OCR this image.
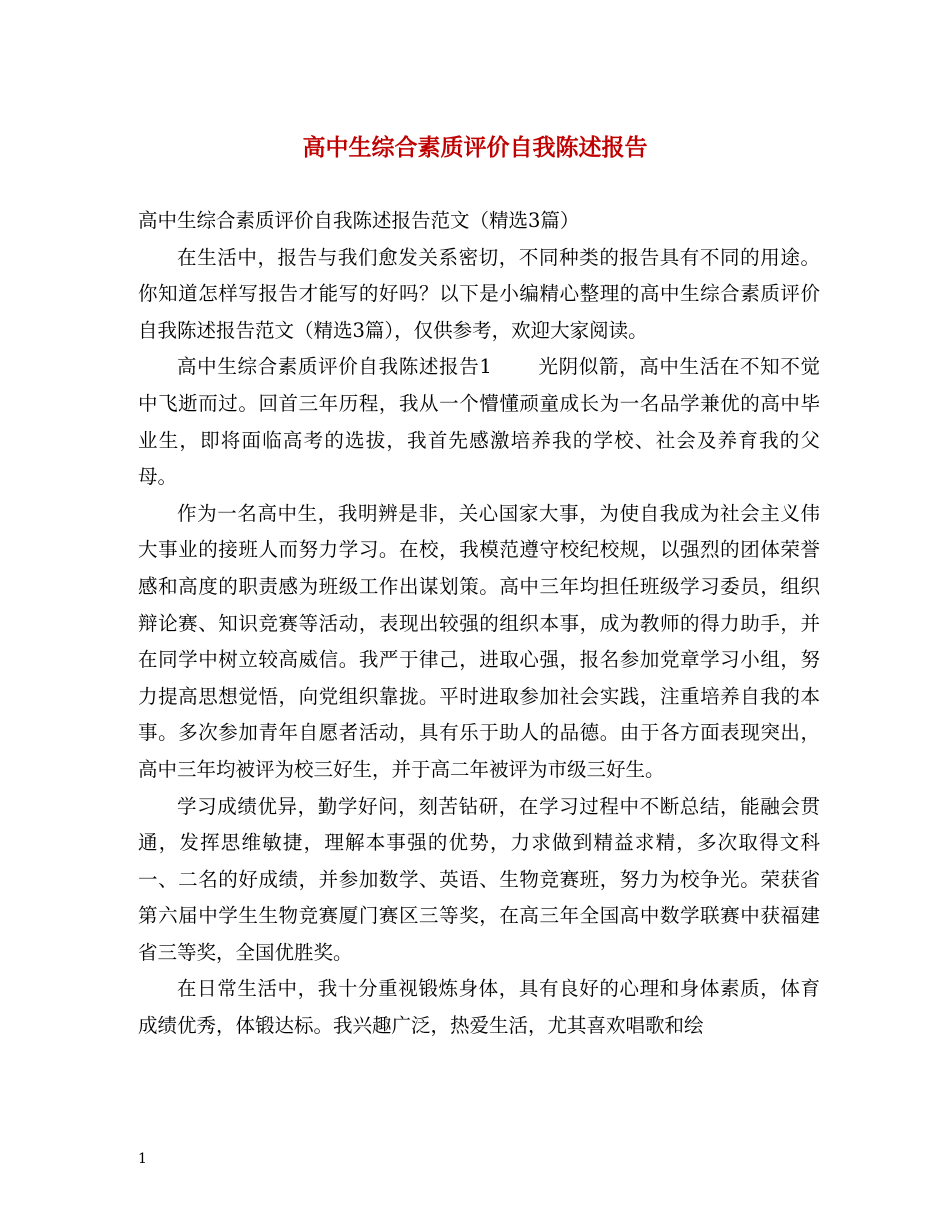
高中生综合素质评价自我陈述报告

高中生综合素质评价自我陈述报告范文（精选3篇）

在生活中，报告与我们愈发关系密切，不同种类的报告具有不同的用途。你知道怎样写报告才能写的好吗？以下是小编精心整理的高中生综合素质评价自我陈述报告范文（精选3篇），仅供参考，欢迎大家阅读。

高中生综合素质评价自我陈述报告1 光阴似箭，高中生活在不知不觉中飞逝而过。回首三年历程，我从一个懵懂顽童成长为一名品学兼优的高中毕业生，即将面临高考的选拔，我首先感激培养我的学校、社会及养育我的父母。

作为一名高中生，我明辨是非，关心国家大事，为使自我成为社会主义伟大事业的接班人而努力学习。在校，我模范遵守校纪校规，以强烈的团体荣誉感和高度的职责感为班级工作出谋划策。高中三年均担任班级学习委员，组织辩论赛、知识竞赛等活动，表现出较强的组织本事，成为教师的得力助手，并在同学中树立较高威信。我严于律己，进取心强，报名参加党章学习小组，努力提高思想觉悟，向党组织靠拢。平时进取参加社会实践，注重培养自我的本事。多次参加青年自愿者活动，具有乐于助人的品德。由于各方面表现突出，高中三年均被评为校三好生，并于高二年被评为市级三好生。

学习成绩优异，勤学好问，刻苦钻研，在学习过程中不断总结，能融会贯通，发挥思维敏捷，理解本事强的优势，力求做到精益求精，多次取得文科一、二名的好成绩，并参加数学、英语、生物竞赛班，努力为校争光。荣获省第六届中学生生物竞赛厦门赛区三等奖，在高三年全国高中数学联赛中获福建省三等奖，全国优胜奖。

在日常生活中，我十分重视锻炼身体，具有良好的心理和身体素质，体育成绩优秀，体锻达标。我兴趣广泛，热爱生活，尤其喜欢唱歌和绘

1
